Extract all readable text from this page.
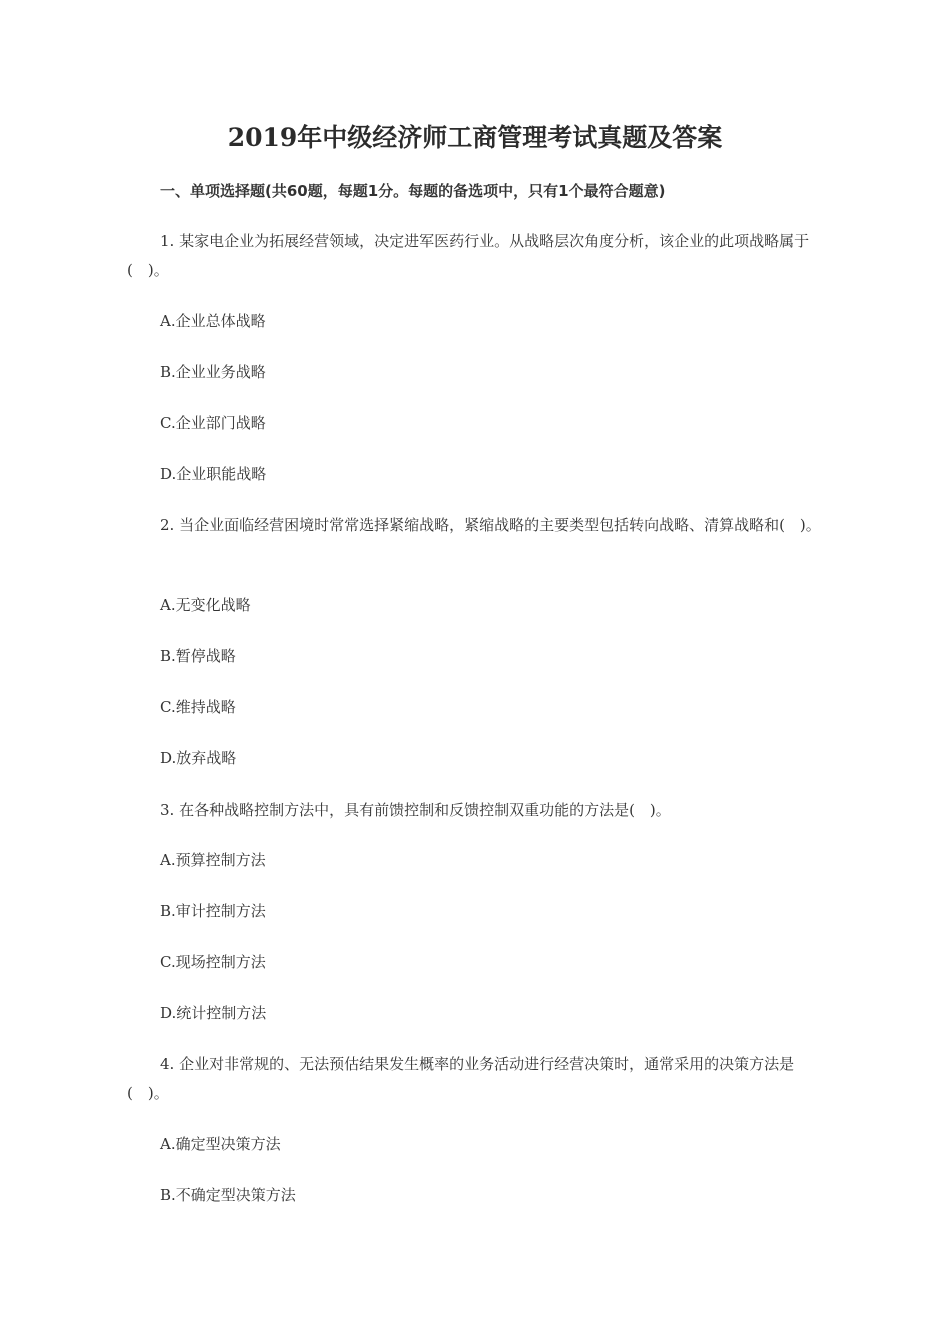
2019年中级经济师工商管理考试真题及答案

一、单项选择题(共60题，每题1分。每题的备选项中，只有1个最符合题意)

1. 某家电企业为拓展经营领域，决定进军医药行业。从战略层次角度分析，该企业的此项战略属于(　)。

A.企业总体战略

B.企业业务战略

C.企业部门战略

D.企业职能战略

2. 当企业面临经营困境时常常选择紧缩战略，紧缩战略的主要类型包括转向战略、清算战略和(　)。

A.无变化战略

B.暂停战略

C.维持战略

D.放弃战略

3. 在各种战略控制方法中，具有前馈控制和反馈控制双重功能的方法是(　)。

A.预算控制方法

B.审计控制方法

C.现场控制方法

D.统计控制方法

4. 企业对非常规的、无法预估结果发生概率的业务活动进行经营决策时，通常采用的决策方法是(　)。

A.确定型决策方法

B.不确定型决策方法
